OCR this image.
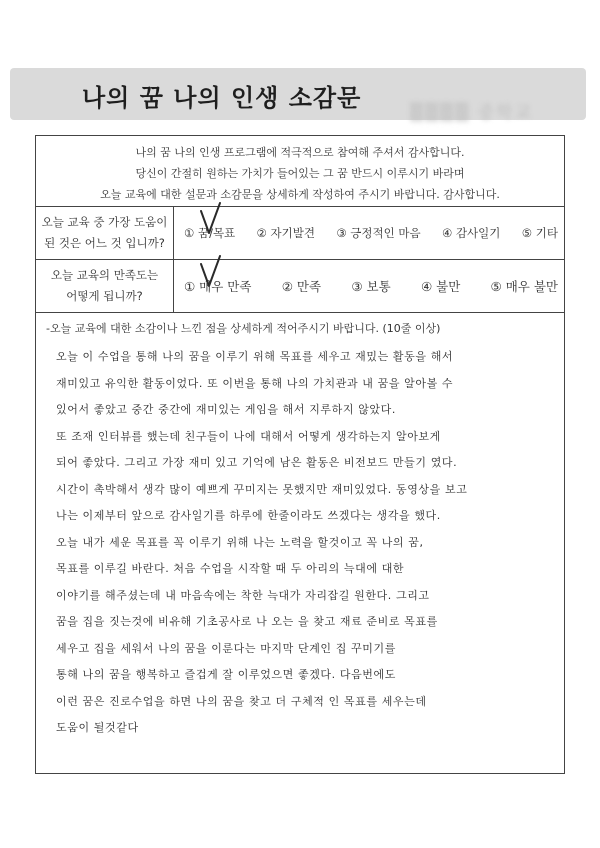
나의 꿈 나의 인생 소감문
▒▒▒▒ 중학교
나의 꿈 나의 인생 프로그램에 적극적으로 참여해 주셔서 감사합니다.
당신이 간절히 원하는 가치가 들어있는 그 꿈 반드시 이루시기 바라며
오늘 교육에 대한 설문과 소감문을 상세하게 작성하여 주시기 바랍니다. 감사합니다.
오늘 교육 중 가장 도움이
된 것은 어느 것 입니까?
① 꿈/목표 ② 자기발견 ③ 긍정적인 마음 ④ 감사일기 ⑤ 기타
오늘 교육의 만족도는
어떻게 됩니까?
① 매우 만족 ② 만족 ③ 보통 ④ 불만 ⑤ 매우 불만
-오늘 교육에 대한 소감이나 느낀 점을 상세하게 적어주시기 바랍니다. (10줄 이상)
오늘 이 수업을 통해 나의 꿈을 이루기 위해 목표를 세우고 재밌는 활동을 해서
재미있고 유익한 활동이었다. 또 이번을 통해 나의 가치관과 내 꿈을 알아볼 수
있어서 좋았고 중간 중간에 재미있는 게임을 해서 지루하지 않았다.
또 조재 인터뷰를 했는데 친구들이 나에 대해서 어떻게 생각하는지 알아보게
되어 좋았다. 그리고 가장 재미 있고 기억에 남은 활동은 비전보드 만들기 였다.
시간이 촉박해서 생각 많이 예쁘게 꾸미지는 못했지만 재미있었다. 동영상을 보고
나는 이제부터 앞으로 감사일기를 하루에 한줄이라도 쓰겠다는 생각을 했다.
오늘 내가 세운 목표를 꼭 이루기 위해 나는 노력을 할것이고 꼭 나의 꿈,
목표를 이루길 바란다. 처음 수업을 시작할 때 두 아리의 늑대에 대한
이야기를 해주셨는데 내 마음속에는 착한 늑대가 자리잡길 원한다. 그리고
꿈을 집을 짓는것에 비유해 기초공사로 나 오는 을 찾고 재료 준비로 목표를
세우고 집을 세워서 나의 꿈을 이룬다는 마지막 단계인 집 꾸미기를
통해 나의 꿈을 행복하고 즐겁게 잘 이루었으면 좋겠다. 다음번에도
이런 꿈은 진로수업을 하면 나의 꿈을 찾고 더 구체적 인 목표를 세우는데
도움이 될것같다
